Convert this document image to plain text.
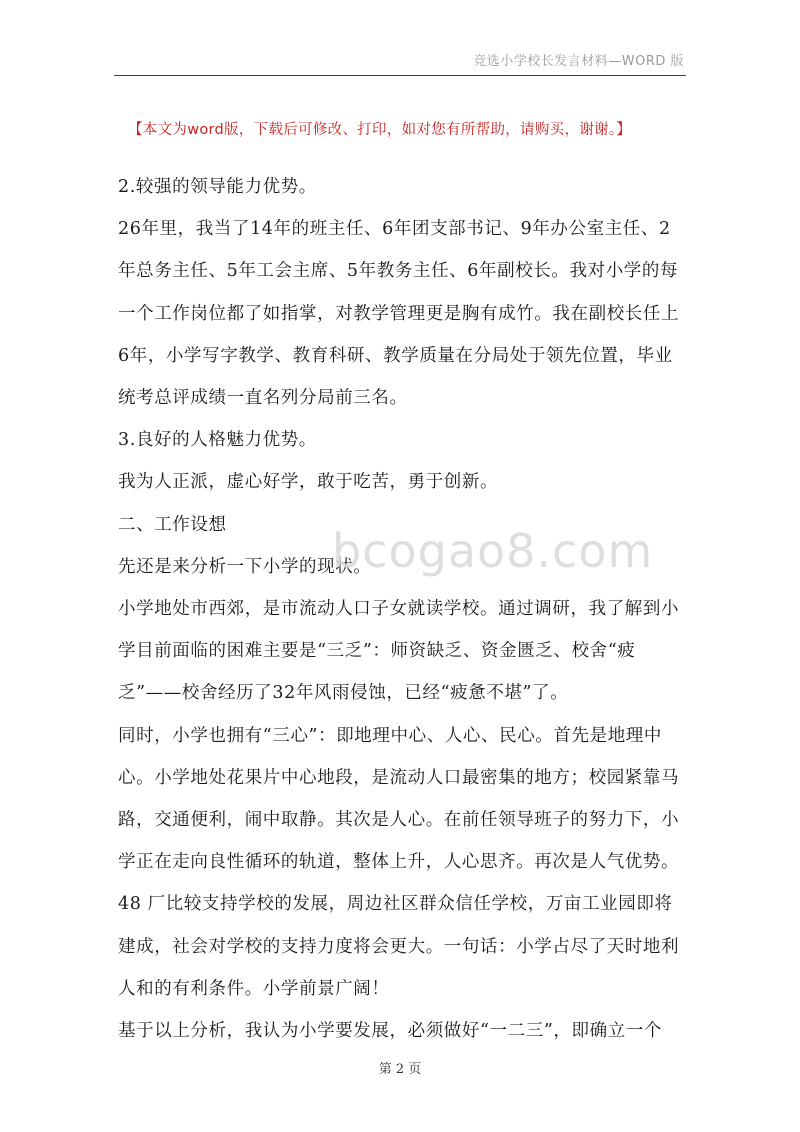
竞选小学校长发言材料—WORD 版
【本文为word版，下载后可修改、打印，如对您有所帮助，请购买，谢谢。】

2.较强的领导能力优势。

26年里，我当了14年的班主任、6年团支部书记、9年办公室主任、2年总务主任、5年工会主席、5年教务主任、6年副校长。我对小学的每一个工作岗位都了如指掌，对教学管理更是胸有成竹。我在副校长任上6年，小学写字教学、教育科研、教学质量在分局处于领先位置，毕业统考总评成绩一直名列分局前三名。

3.良好的人格魅力优势。

我为人正派，虚心好学，敢于吃苦，勇于创新。

二、工作设想

先还是来分析一下小学的现状。

小学地处市西郊，是市流动人口子女就读学校。通过调研，我了解到小学目前面临的困难主要是“三乏”：师资缺乏、资金匮乏、校舍“疲乏”——校舍经历了32年风雨侵蚀，已经“疲惫不堪”了。

同时，小学也拥有“三心”：即地理中心、人心、民心。首先是地理中心。小学地处花果片中心地段，是流动人口最密集的地方；校园紧靠马路，交通便利，闹中取静。其次是人心。在前任领导班子的努力下，小学正在走向良性循环的轨道，整体上升，人心思齐。再次是人气优势。48 厂比较支持学校的发展，周边社区群众信任学校，万亩工业园即将建成，社会对学校的支持力度将会更大。一句话：小学占尽了天时地利人和的有利条件。小学前景广阔！

基于以上分析，我认为小学要发展，必须做好“一二三”，即确立一个

bcogao8.com
第 2 页
